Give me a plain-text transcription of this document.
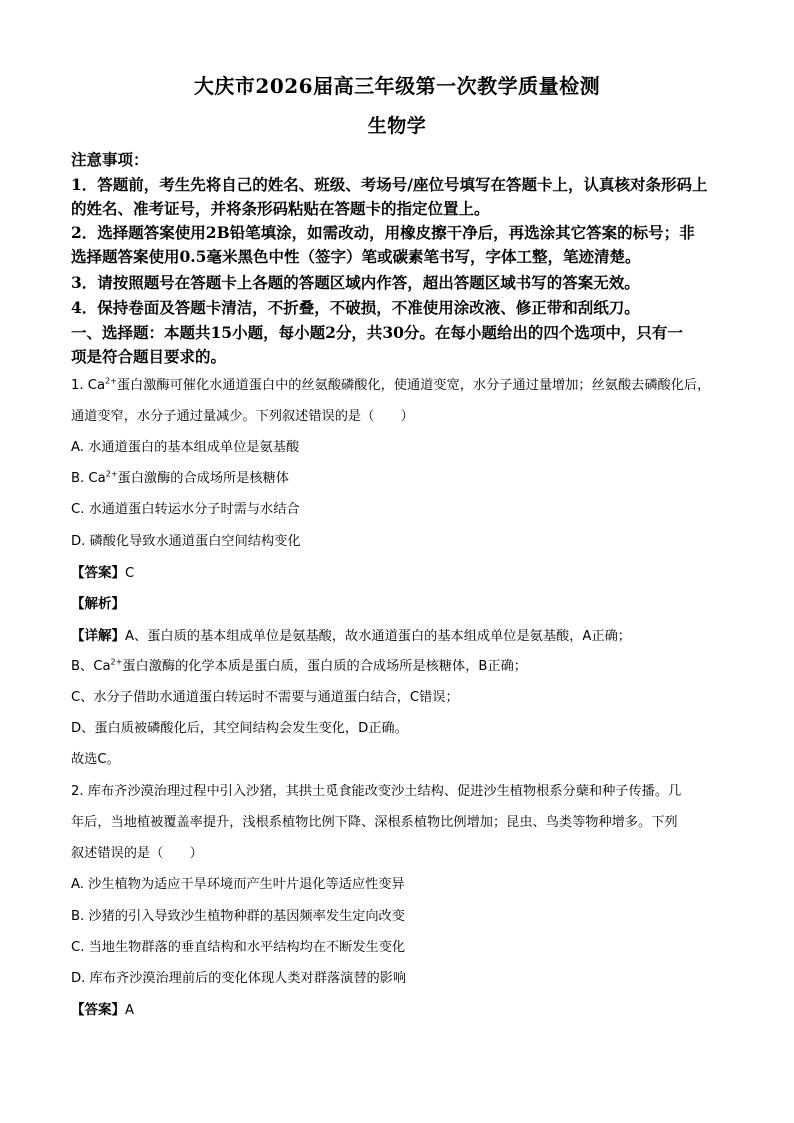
大庆市2026届高三年级第一次教学质量检测
生物学
注意事项：
1．答题前，考生先将自己的姓名、班级、考场号/座位号填写在答题卡上，认真核对条形码上
的姓名、准考证号，并将条形码粘贴在答题卡的指定位置上。
2．选择题答案使用2B铅笔填涂，如需改动，用橡皮擦干净后，再选涂其它答案的标号；非
选择题答案使用0.5毫米黑色中性（签字）笔或碳素笔书写，字体工整，笔迹清楚。
3．请按照题号在答题卡上各题的答题区域内作答，超出答题区域书写的答案无效。
4．保持卷面及答题卡清洁，不折叠，不破损，不准使用涂改液、修正带和刮纸刀。
一、选择题：本题共15小题，每小题2分，共30分。在每小题给出的四个选项中，只有一
项是符合题目要求的。
1. $Ca^{2+}$蛋白激酶可催化水通道蛋白中的丝氨酸磷酸化，使通道变宽，水分子通过量增加；丝氨酸去磷酸化后，
通道变窄，水分子通过量减少。下列叙述错误的是（　　）
A. 水通道蛋白的基本组成单位是氨基酸
B. $Ca^{2+}$蛋白激酶的合成场所是核糖体
C. 水通道蛋白转运水分子时需与水结合
D. 磷酸化导致水通道蛋白空间结构变化
【答案】C
【解析】
【详解】A、蛋白质的基本组成单位是氨基酸，故水通道蛋白的基本组成单位是氨基酸，A正确；
B、$Ca^{2+}$蛋白激酶的化学本质是蛋白质，蛋白质的合成场所是核糖体，B正确；
C、水分子借助水通道蛋白转运时不需要与通道蛋白结合，C错误；
D、蛋白质被磷酸化后，其空间结构会发生变化，D正确。
故选C。
2. 库布齐沙漠治理过程中引入沙猪，其拱土觅食能改变沙土结构、促进沙生植物根系分蘖和种子传播。几
年后，当地植被覆盖率提升，浅根系植物比例下降、深根系植物比例增加；昆虫、鸟类等物种增多。下列
叙述错误的是（　　）
A. 沙生植物为适应干旱环境而产生叶片退化等适应性变异
B. 沙猪的引入导致沙生植物种群的基因频率发生定向改变
C. 当地生物群落的垂直结构和水平结构均在不断发生变化
D. 库布齐沙漠治理前后的变化体现人类对群落演替的影响
【答案】A
